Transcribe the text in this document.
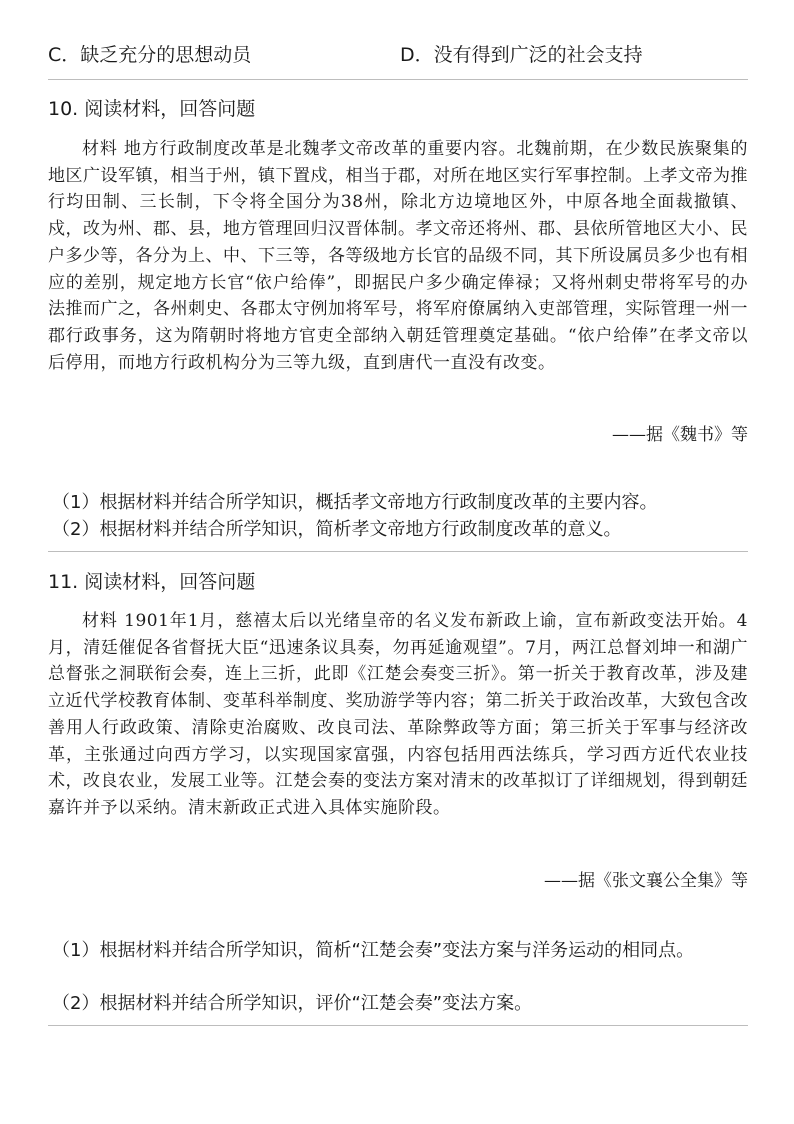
C．缺乏充分的思想动员	D．没有得到广泛的社会支持
10. 阅读材料，回答问题
材料 地方行政制度改革是北魏孝文帝改革的重要内容。北魏前期，在少数民族聚集的地区广设军镇，相当于州，镇下置戍，相当于郡，对所在地区实行军事控制。上孝文帝为推行均田制、三长制，下令将全国分为38州，除北方边境地区外，中原各地全面裁撤镇、戍，改为州、郡、县，地方管理回归汉晋体制。孝文帝还将州、郡、县依所管地区大小、民户多少等，各分为上、中、下三等，各等级地方长官的品级不同，其下所设属员多少也有相应的差别，规定地方长官“依户给俸”，即据民户多少确定俸禄；又将州刺史带将军号的办法推而广之，各州刺史、各郡太守例加将军号，将军府僚属纳入吏部管理，实际管理一州一郡行政事务，这为隋朝时将地方官吏全部纳入朝廷管理奠定基础。“依户给俸”在孝文帝以后停用，而地方行政机构分为三等九级，直到唐代一直没有改变。
——据《魏书》等
（1）根据材料并结合所学知识，概括孝文帝地方行政制度改革的主要内容。
（2）根据材料并结合所学知识，简析孝文帝地方行政制度改革的意义。
11. 阅读材料，回答问题
材料 1901年1月，慈禧太后以光绪皇帝的名义发布新政上谕，宣布新政变法开始。4月，清廷催促各省督抚大臣“迅速条议具奏，勿再延逾观望”。7月，两江总督刘坤一和湖广总督张之洞联衔会奏，连上三折，此即《江楚会奏变三折》。第一折关于教育改革，涉及建立近代学校教育体制、变革科举制度、奖劢游学等内容；第二折关于政治改革，大致包含改善用人行政政策、清除吏治腐败、改良司法、革除弊政等方面；第三折关于军事与经济改革，主张通过向西方学习，以实现国家富强，内容包括用西法练兵，学习西方近代农业技术，改良农业，发展工业等。江楚会奏的变法方案对清末的改革拟订了详细规划，得到朝廷嘉许并予以采纳。清末新政正式进入具体实施阶段。
——据《张文襄公全集》等
（1）根据材料并结合所学知识，简析“江楚会奏”变法方案与洋务运动的相同点。
（2）根据材料并结合所学知识，评价“江楚会奏”变法方案。
